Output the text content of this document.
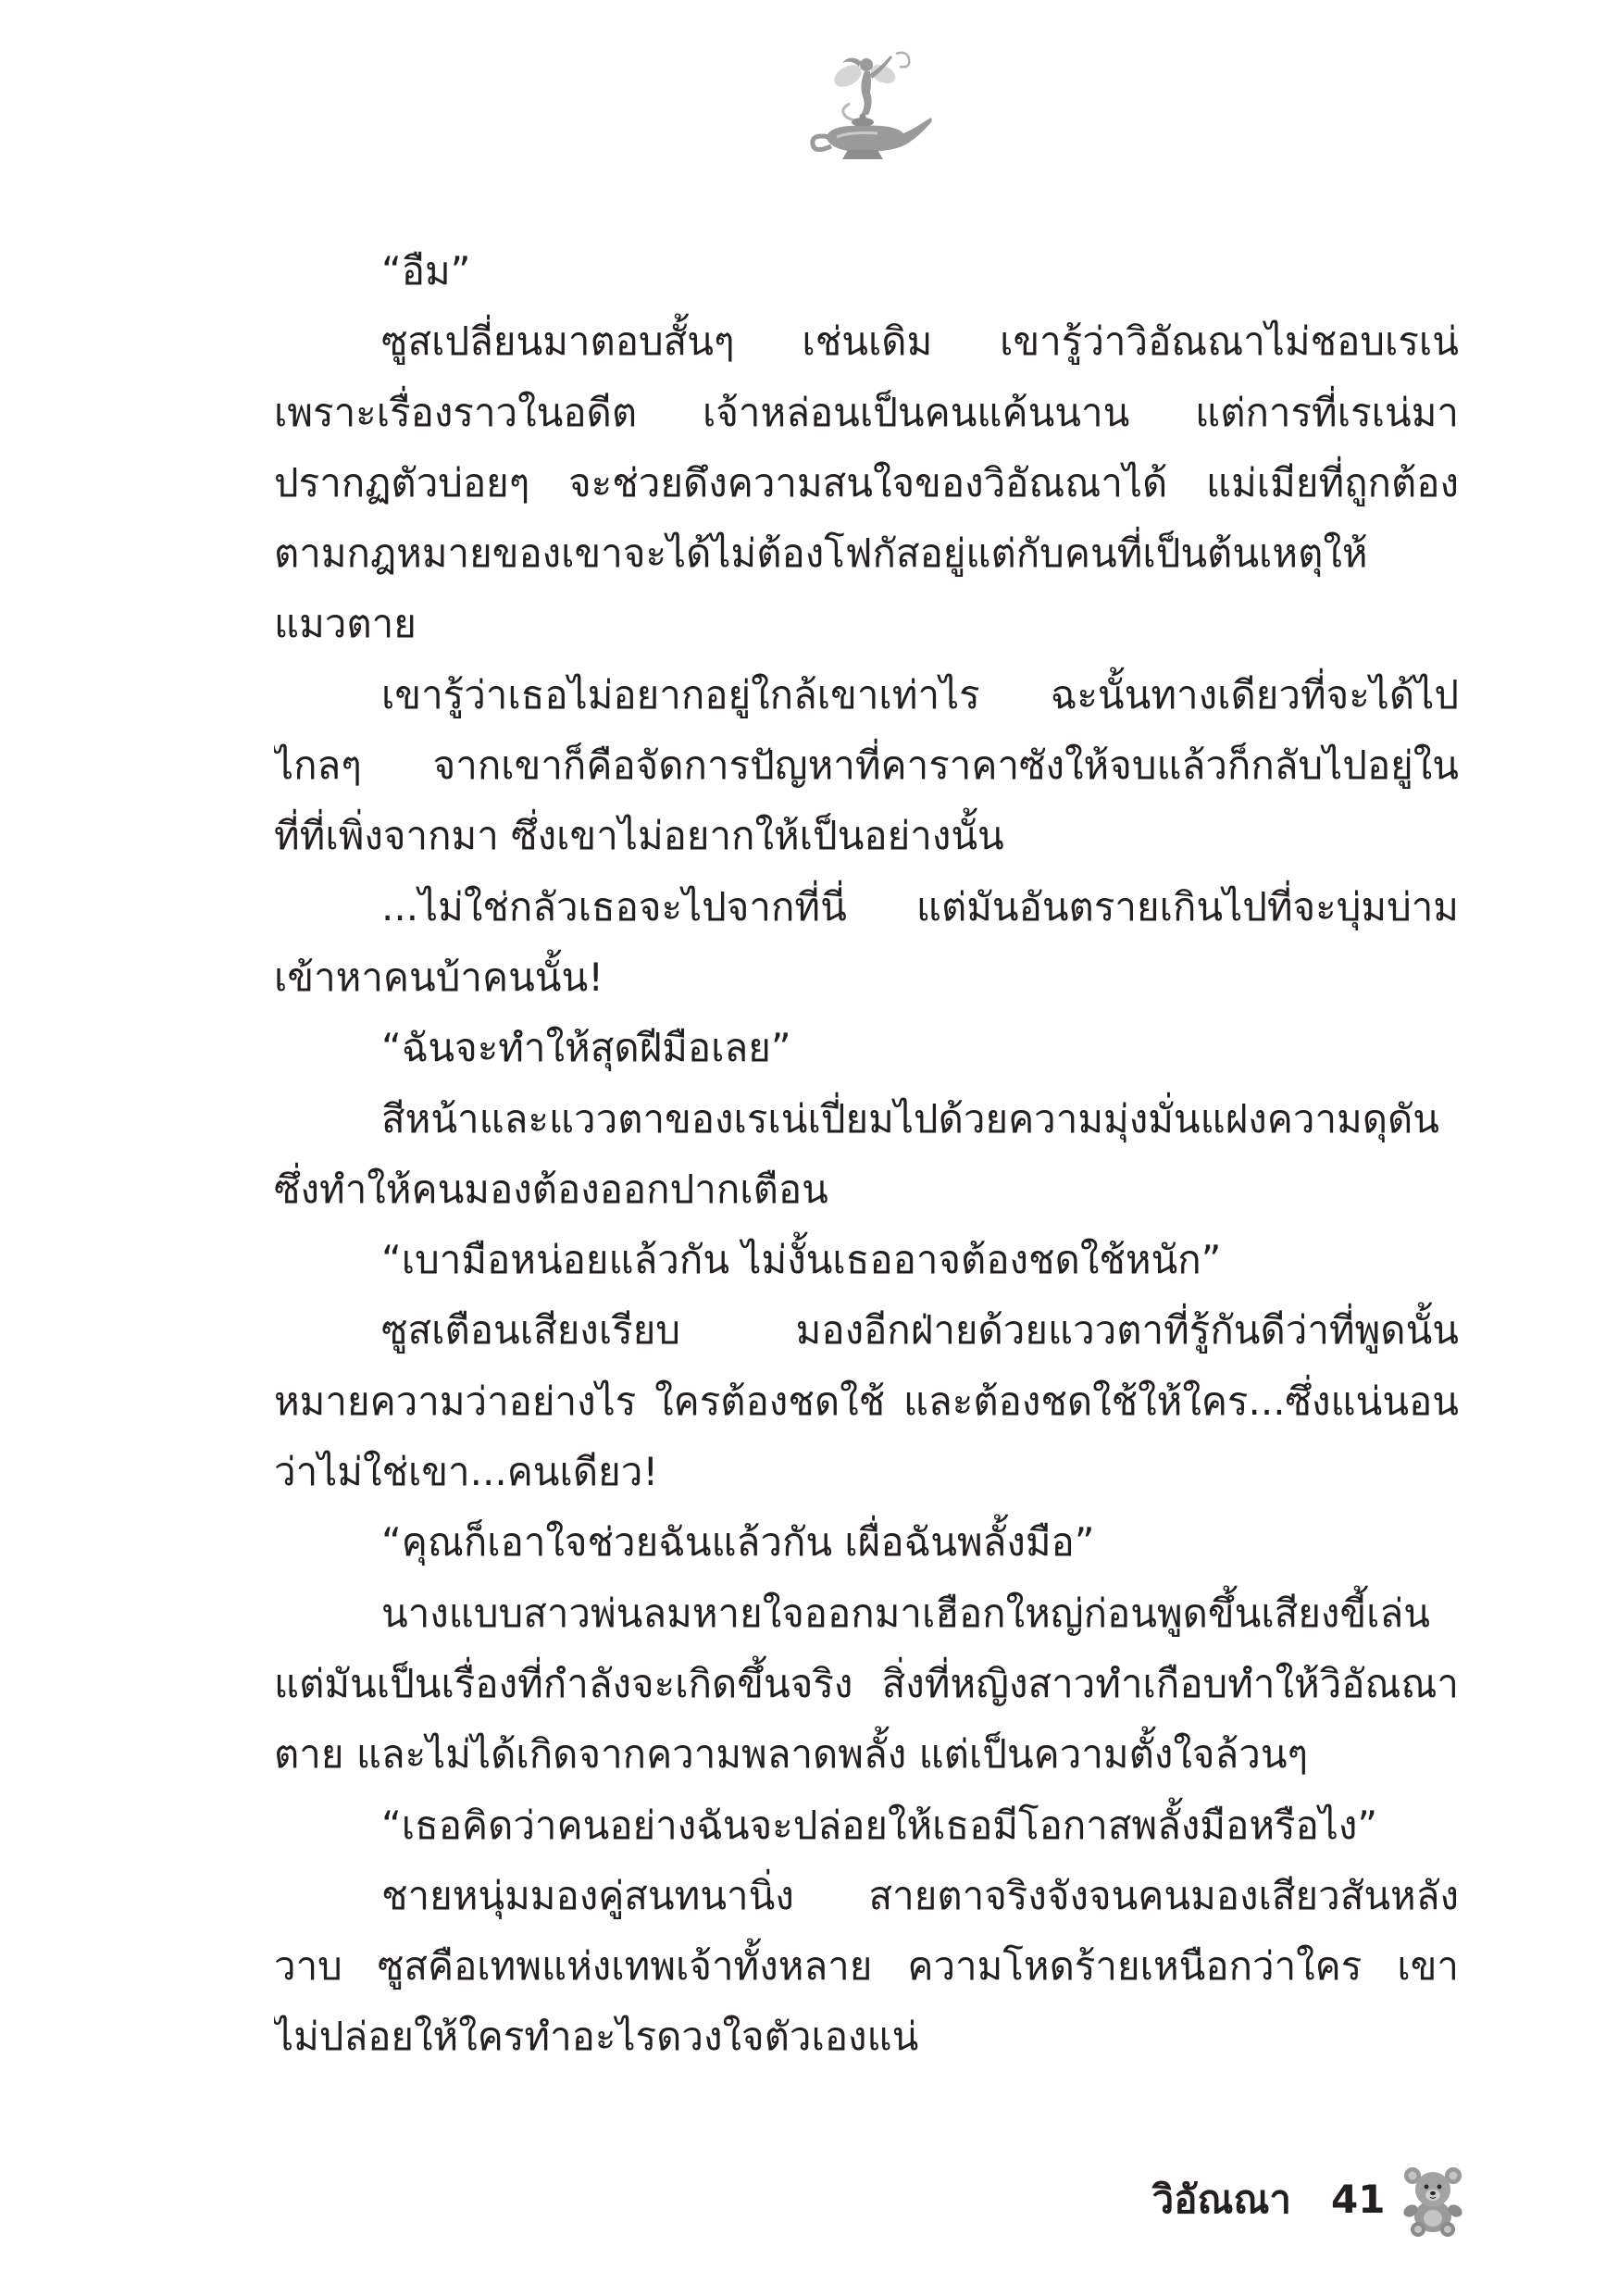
“อืม”
ซูสเปลี่ยนมาตอบสั้นๆ เช่นเดิม เขารู้ว่าวิอัณณาไม่ชอบเรเน่
เพราะเรื่องราวในอดีต เจ้าหล่อนเป็นคนแค้นนาน แต่การที่เรเน่มา
ปรากฏตัวบ่อยๆ จะช่วยดึงความสนใจของวิอัณณาได้ แม่เมียที่ถูกต้อง
ตามกฎหมายของเขาจะได้ไม่ต้องโฟกัสอยู่แต่กับคนที่เป็นต้นเหตุให้
แมวตาย
เขารู้ว่าเธอไม่อยากอยู่ใกล้เขาเท่าไร ฉะนั้นทางเดียวที่จะได้ไป
ไกลๆ จากเขาก็คือจัดการปัญหาที่คาราคาซังให้จบแล้วก็กลับไปอยู่ใน
ที่ที่เพิ่งจากมา ซึ่งเขาไม่อยากให้เป็นอย่างนั้น
...ไม่ใช่กลัวเธอจะไปจากที่นี่ แต่มันอันตรายเกินไปที่จะบุ่มบ่าม
เข้าหาคนบ้าคนนั้น!
“ฉันจะทำให้สุดฝีมือเลย”
สีหน้าและแววตาของเรเน่เปี่ยมไปด้วยความมุ่งมั่นแฝงความดุดัน
ซึ่งทำให้คนมองต้องออกปากเตือน
“เบามือหน่อยแล้วกัน ไม่งั้นเธออาจต้องชดใช้หนัก”
ซูสเตือนเสียงเรียบ มองอีกฝ่ายด้วยแววตาที่รู้กันดีว่าที่พูดนั้น
หมายความว่าอย่างไร ใครต้องชดใช้ และต้องชดใช้ให้ใคร...ซึ่งแน่นอน
ว่าไม่ใช่เขา...คนเดียว!
“คุณก็เอาใจช่วยฉันแล้วกัน เผื่อฉันพลั้งมือ”
นางแบบสาวพ่นลมหายใจออกมาเฮือกใหญ่ก่อนพูดขึ้นเสียงขี้เล่น
แต่มันเป็นเรื่องที่กำลังจะเกิดขึ้นจริง สิ่งที่หญิงสาวทำเกือบทำให้วิอัณณา
ตาย และไม่ได้เกิดจากความพลาดพลั้ง แต่เป็นความตั้งใจล้วนๆ
“เธอคิดว่าคนอย่างฉันจะปล่อยให้เธอมีโอกาสพลั้งมือหรือไง”
ชายหนุ่มมองคู่สนทนานิ่ง สายตาจริงจังจนคนมองเสียวสันหลัง
วาบ ซูสคือเทพแห่งเทพเจ้าทั้งหลาย ความโหดร้ายเหนือกว่าใคร เขา
ไม่ปล่อยให้ใครทำอะไรดวงใจตัวเองแน่
วิอัณณา 41
